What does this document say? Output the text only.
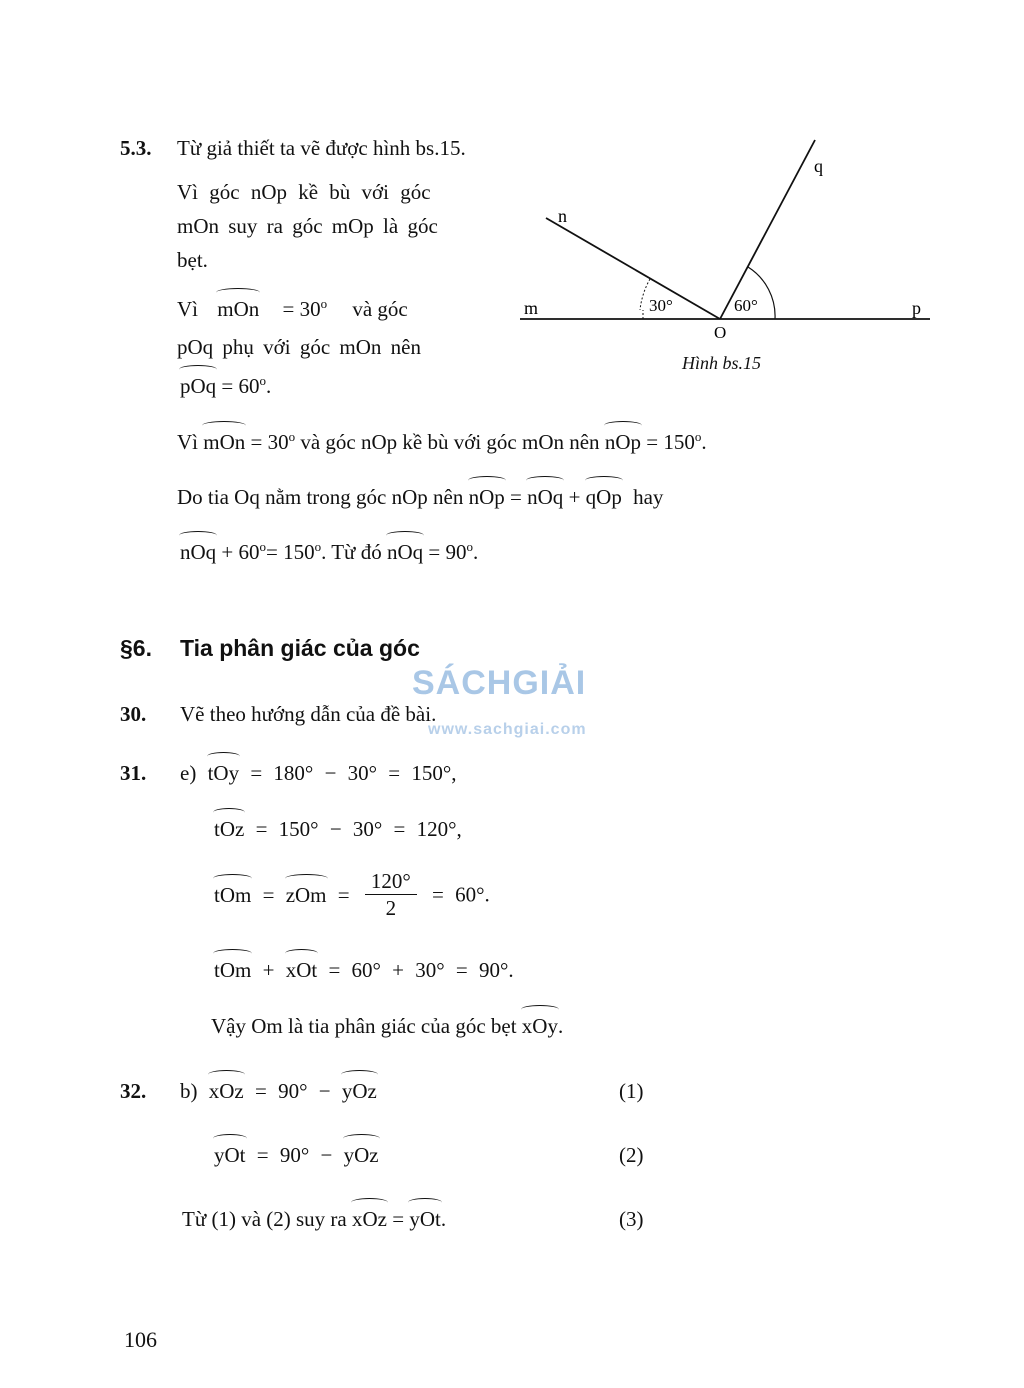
5.3. Từ giả thiết ta vẽ được hình bs.15.
Vì góc nOp kề bù với góc
mOn suy ra góc mOp là góc
bẹt.
Vì mOn = $30^o$ và góc
pOq phụ với góc mOn nên
pOq = $60^o$.
Vì mOn = $30^o$ và góc nOp kề bù với góc mOn nên nOp = $150^o$.
Do tia Oq nằm trong góc nOp nên nOp = nOq + qOp hay
nOq + $60^o= 150^o$. Từ đó nOq = $90^o$.
m
n
q
p
O
30°	60°
Hình bs.15
§6. Tia phân giác của góc
SÁCHGIẢI
www.sachgiai.com
30. Vẽ theo hướng dẫn của đề bài.
31. e) tOy = 180° − 30° = 150°,
tOz = 150° − 30° = 120°,
tOm = zOm = $\frac{120^\circ}{2} = 60^\circ$.
tOm + xOt = 60° + 30° = 90°.
Vậy Om là tia phân giác của góc bẹt xOy.
32. b) xOz = 90° − yOz	(1)
yOt = 90° − yOz	(2)
Từ (1) và (2) suy ra xOz = yOt.	(3)
106
